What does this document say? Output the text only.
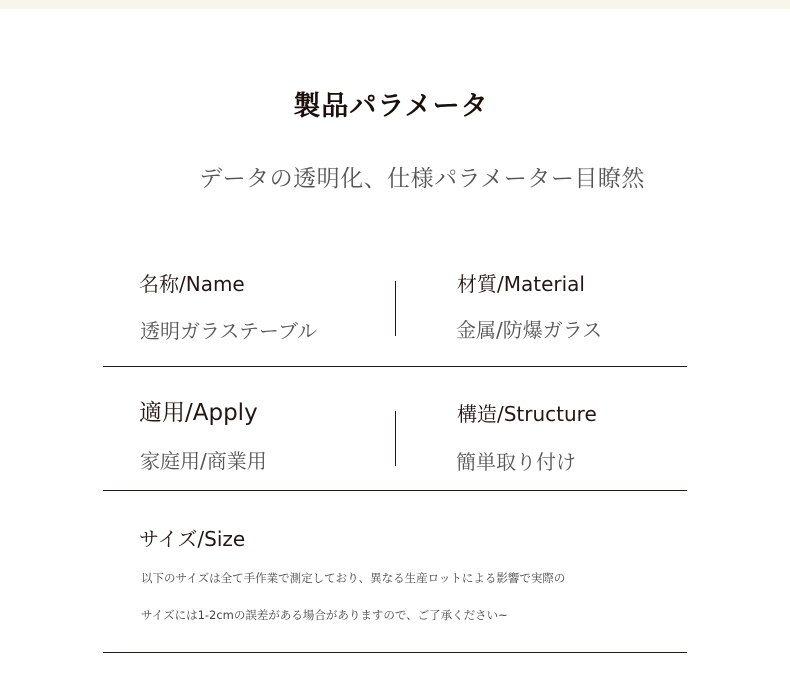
製品パラメータ
データの透明化、仕様パラメーター目瞭然
名称/Name
透明ガラステーブル
材質/Material
金属/防爆ガラス
適用/Apply
家庭用/商業用
構造/Structure
簡単取り付け
サイズ/Size
以下のサイズは全て手作業で測定しており、異なる生産ロットによる影響で実際の
サイズには1-2cmの誤差がある場合がありますので、ご了承ください~
